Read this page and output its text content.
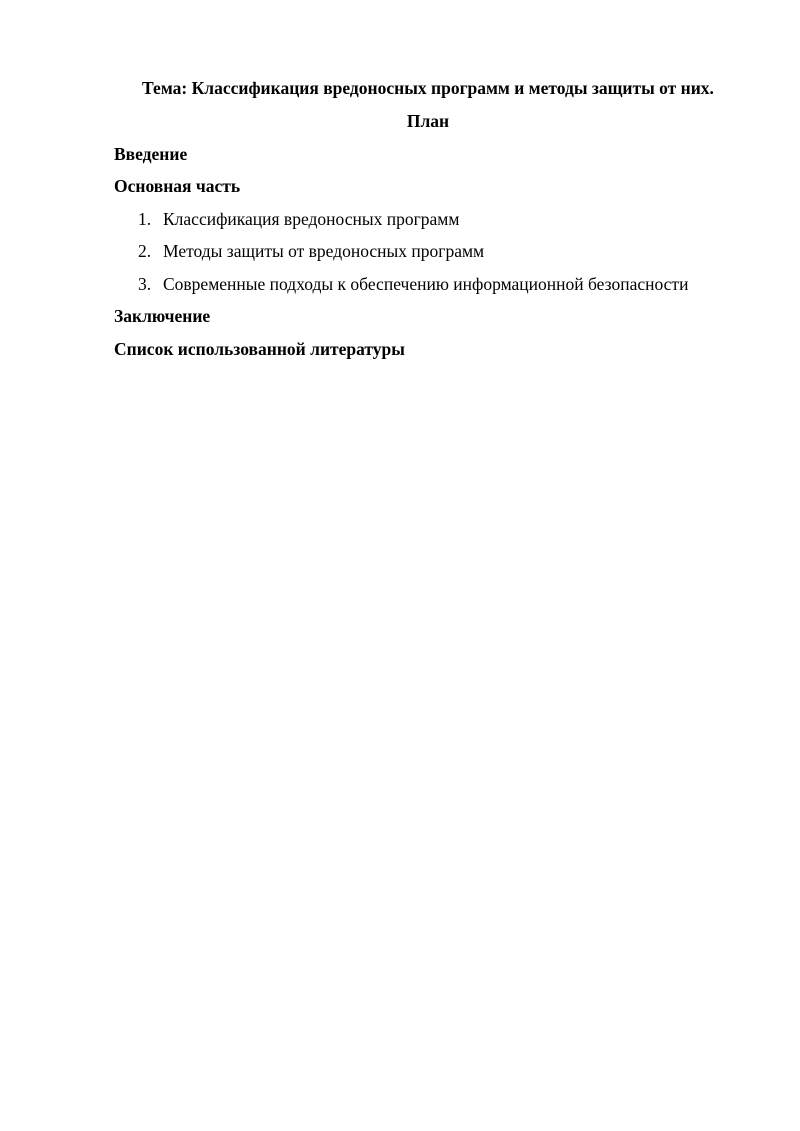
Тема: Классификация вредоносных программ и методы защиты от них.
План
Введение
Основная часть
1. Классификация вредоносных программ
2. Методы защиты от вредоносных программ
3. Современные подходы к обеспечению информационной безопасности
Заключение
Список использованной литературы
